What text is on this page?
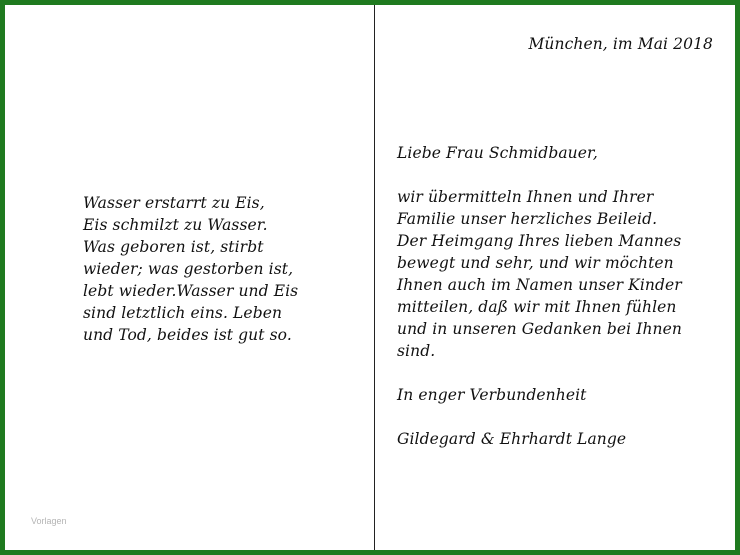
Wasser erstarrt zu Eis,
Eis schmilzt zu Wasser.
Was geboren ist, stirbt
wieder; was gestorben ist,
lebt wieder.Wasser und Eis
sind letztlich eins. Leben
und Tod, beides ist gut so.
Vorlagen
München, im Mai 2018
Liebe Frau Schmidbauer,
wir übermitteln Ihnen und Ihrer
Familie unser herzliches Beileid.
Der Heimgang Ihres lieben Mannes
bewegt und sehr, und wir möchten
Ihnen auch im Namen unser Kinder
mitteilen, daß wir mit Ihnen fühlen
und in unseren Gedanken bei Ihnen
sind.
In enger Verbundenheit
Gildegard & Ehrhardt Lange
